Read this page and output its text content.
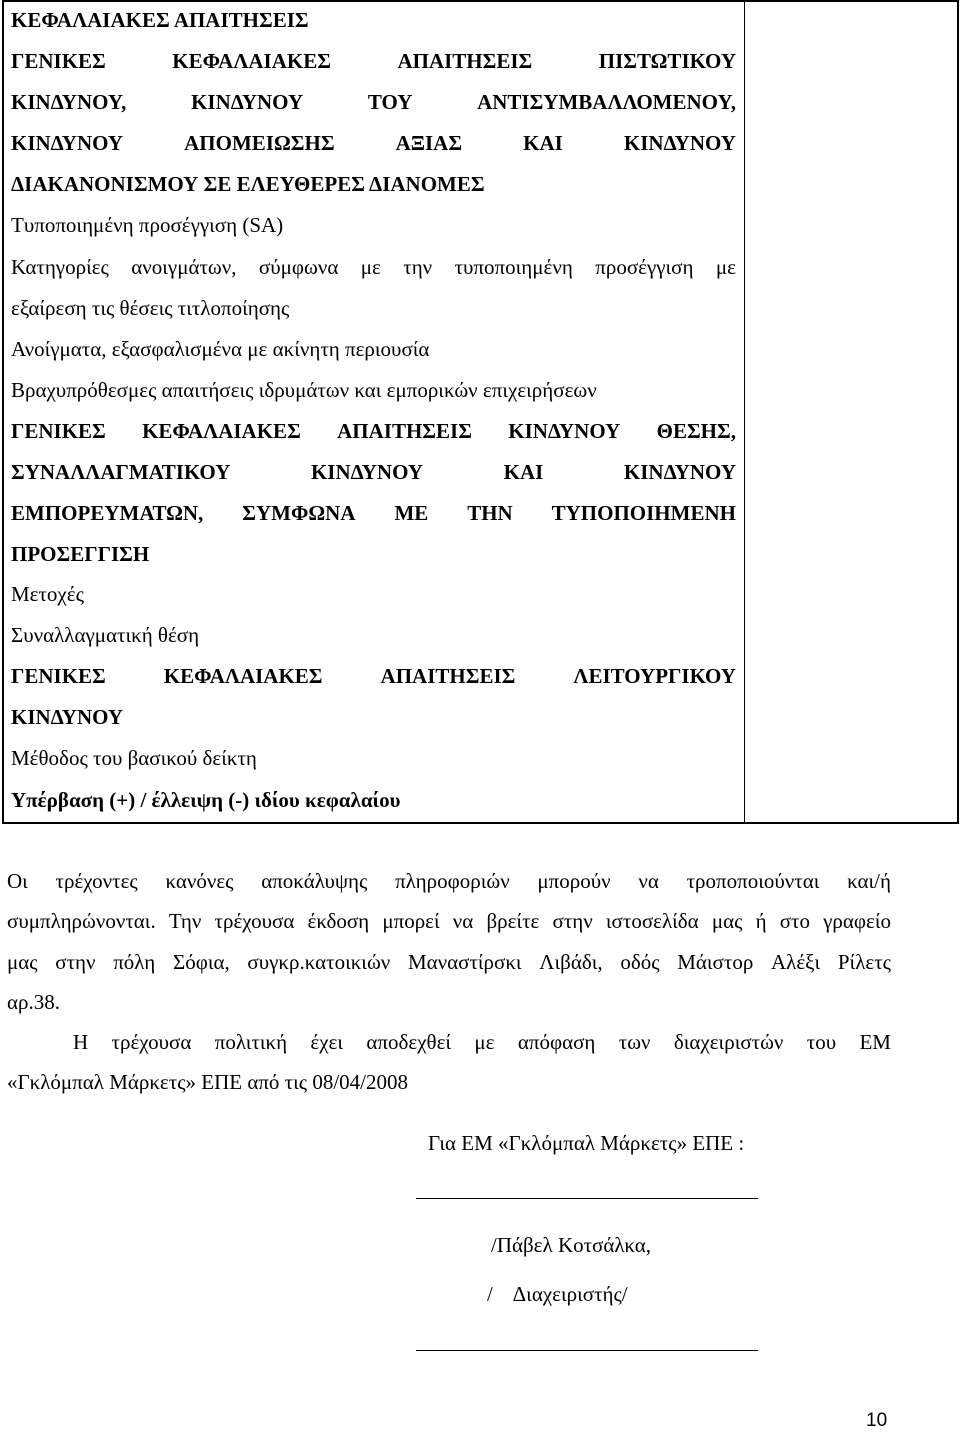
ΚΕΦΑΛΑΙΑΚΕΣ ΑΠΑΙΤΗΣΕΙΣ
ΓΕΝΙΚΕΣ	ΚΕΦΑΛΑΙΑΚΕΣ	ΑΠΑΙΤΗΣΕΙΣ	ΠΙΣΤΩΤΙΚΟΥ
ΚΙΝΔΥΝΟΥ,	ΚΙΝΔΥΝΟΥ	ΤΟΥ	ΑΝΤΙΣΥΜΒΑΛΛΟΜΕΝΟΥ,
ΚΙΝΔΥΝΟΥ	ΑΠΟΜΕΙΩΣΗΣ	ΑΞΙΑΣ	ΚΑΙ	ΚΙΝΔΥΝΟΥ
ΔΙΑΚΑΝΟΝΙΣΜΟΥ ΣΕ ΕΛΕΥΘΕΡΕΣ ΔΙΑΝΟΜΕΣ
Τυποποιημένη προσέγγιση (SA)
Κατηγορίες ανοιγμάτων, σύμφωνα με την τυποποιημένη προσέγγιση με
εξαίρεση τις θέσεις τιτλοποίησης
Ανοίγματα, εξασφαλισμένα με ακίνητη περιουσία
Βραχυπρόθεσμες απαιτήσεις ιδρυμάτων και εμπορικών επιχειρήσεων
ΓΕΝΙΚΕΣ ΚΕΦΑΛΑΙΑΚΕΣ ΑΠΑΙΤΗΣΕΙΣ ΚΙΝΔΥΝΟΥ ΘΕΣΗΣ,
ΣΥΝΑΛΛΑΓΜΑΤΙΚΟΥ	ΚΙΝΔΥΝΟΥ	ΚΑΙ	ΚΙΝΔΥΝΟΥ
ΕΜΠΟΡΕΥΜΑΤΩΝ, ΣΥΜΦΩΝΑ ΜΕ ΤΗΝ ΤΥΠΟΠΟΙΗΜΕΝΗ
ΠΡΟΣΕΓΓΙΣΗ
Μετοχές
Συναλλαγματική θέση
ΓΕΝΙΚΕΣ	ΚΕΦΑΛΑΙΑΚΕΣ	ΑΠΑΙΤΗΣΕΙΣ	ΛΕΙΤΟΥΡΓΙΚΟΥ
ΚΙΝΔΥΝΟΥ
Μέθοδος του βασικού δείκτη
Υπέρβαση (+) / έλλειψη (-) ιδίου κεφαλαίου
Οι τρέχοντες κανόνες αποκάλυψης πληροφοριών μπορούν να τροποποιούνται και/ή
συμπληρώνονται. Την τρέχουσα έκδοση μπορεί να βρείτε στην ιστοσελίδα μας ή στο γραφείο
μας στην πόλη Σόφια, συγκρ.κατοικιών Μαναστίρσκι Λιβάδι, οδός Μάιστορ Αλέξι Ρίλετς
αρ.38.
Η τρέχουσα πολιτική έχει αποδεχθεί με απόφαση των διαχειριστών του ΕΜ
«Γκλόμπαλ Μάρκετς» ΕΠΕ από τις 08/04/2008
Για ΕΜ «Γκλόμπαλ Μάρκετς» ΕΠΕ :
/Πάβελ Κοτσάλκα,
/    Διαχειριστής/
10
